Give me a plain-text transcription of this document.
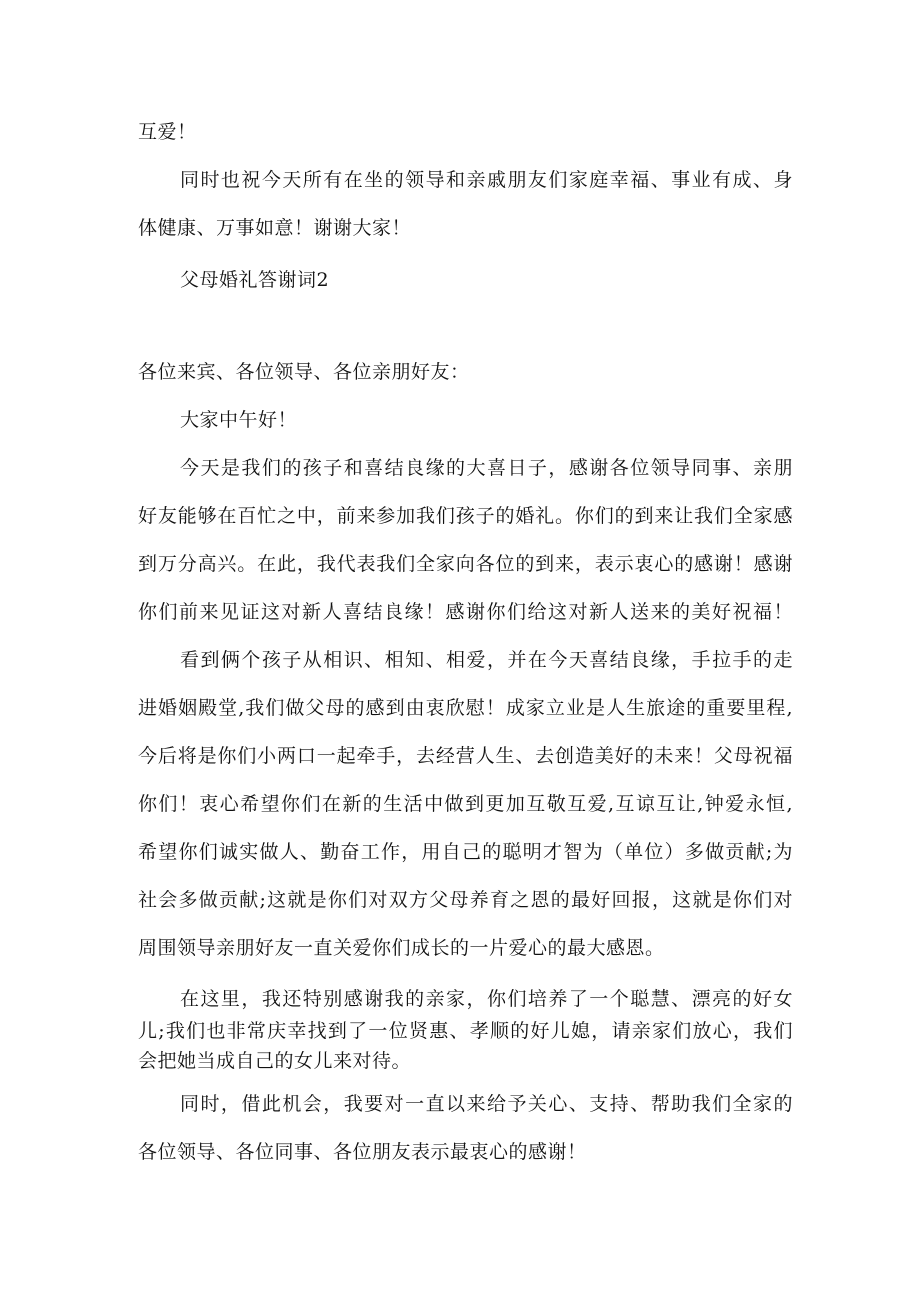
互爱！
同时也祝今天所有在坐的领导和亲戚朋友们家庭幸福、事业有成、身
体健康、万事如意！谢谢大家！
父母婚礼答谢词2
各位来宾、各位领导、各位亲朋好友：
大家中午好！
今天是我们的孩子和喜结良缘的大喜日子，感谢各位领导同事、亲朋
好友能够在百忙之中，前来参加我们孩子的婚礼。你们的到来让我们全家感
到万分高兴。在此，我代表我们全家向各位的到来，表示衷心的感谢！感谢
你们前来见证这对新人喜结良缘！感谢你们给这对新人送来的美好祝福！
看到俩个孩子从相识、相知、相爱，并在今天喜结良缘，手拉手的走
进婚姻殿堂,我们做父母的感到由衷欣慰！成家立业是人生旅途的重要里程,
今后将是你们小两口一起牵手，去经营人生、去创造美好的未来！父母祝福
你们！衷心希望你们在新的生活中做到更加互敬互爱,互谅互让,钟爱永恒,
希望你们诚实做人、勤奋工作，用自己的聪明才智为（单位）多做贡献;为
社会多做贡献;这就是你们对双方父母养育之恩的最好回报，这就是你们对
周围领导亲朋好友一直关爱你们成长的一片爱心的最大感恩。
在这里，我还特别感谢我的亲家，你们培养了一个聪慧、漂亮的好女
儿;我们也非常庆幸找到了一位贤惠、孝顺的好儿媳，请亲家们放心，我们
会把她当成自己的女儿来对待。
同时，借此机会，我要对一直以来给予关心、支持、帮助我们全家的
各位领导、各位同事、各位朋友表示最衷心的感谢！
